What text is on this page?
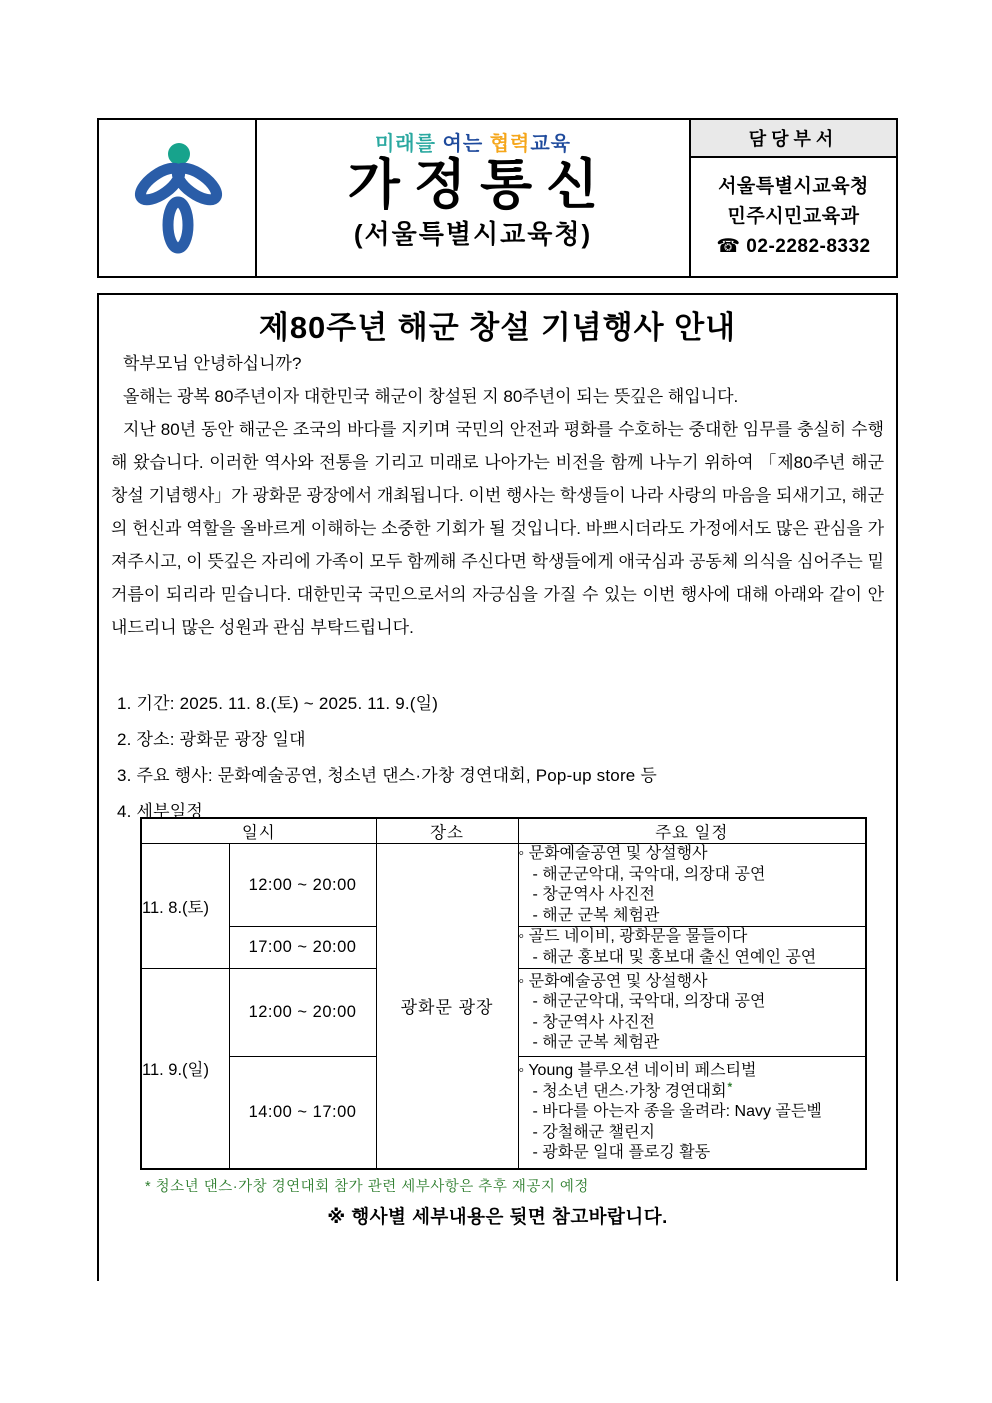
미래를 여는 협력교육
가정통신
(서울특별시교육청)
담당부서
서울특별시교육청
민주시민교육과
☎ 02-2282-8332
제80주년 해군 창설 기념행사 안내

학부모님 안녕하십니까?

올해는 광복 80주년이자 대한민국 해군이 창설된 지 80주년이 되는 뜻깊은 해입니다.

지난 80년 동안 해군은 조국의 바다를 지키며 국민의 안전과 평화를 수호하는 중대한 임무를 충실히 수행해 왔습니다. 이러한 역사와 전통을 기리고 미래로 나아가는 비전을 함께 나누기 위하여 「제80주년 해군창설 기념행사」가 광화문 광장에서 개최됩니다. 이번 행사는 학생들이 나라 사랑의 마음을 되새기고, 해군의 헌신과 역할을 올바르게 이해하는 소중한 기회가 될 것입니다. 바쁘시더라도 가정에서도 많은 관심을 가져주시고, 이 뜻깊은 자리에 가족이 모두 함께해 주신다면 학생들에게 애국심과 공동체 의식을 심어주는 밑거름이 되리라 믿습니다. 대한민국 국민으로서의 자긍심을 가질 수 있는 이번 행사에 대해 아래와 같이 안내드리니 많은 성원과 관심 부탁드립니다.

1. 기간: 2025. 11. 8.(토) ~ 2025. 11. 9.(일)
2. 장소: 광화문 광장 일대
3. 주요 행사: 문화예술공연, 청소년 댄스·가창 경연대회, Pop-up store 등
4. 세부일정
일시		장소	주요 일정
11. 8.(토)	12:00 ~ 20:00	광화문 광장	◦ 문화예술공연 및 상설행사
- 해군군악대, 국악대, 의장대 공연
- 창군역사 사진전
- 해군 군복 체험관

	17:00 ~ 20:00		◦ 골드 네이비, 광화문을 물들이다
- 해군 홍보대 및 홍보대 출신 연예인 공연

11. 9.(일)	12:00 ~ 20:00		◦ 문화예술공연 및 상설행사
- 해군군악대, 국악대, 의장대 공연
- 창군역사 사진전
- 해군 군복 체험관

	14:00 ~ 17:00		◦ Young 블루오션 네이비 페스티벌
- 청소년 댄스·가창 경연대회*
- 바다를 아는자 종을 울려라: Navy 골든벨
- 강철해군 챌린지
- 광화문 일대 플로깅 활동
* 청소년 댄스·가창 경연대회 참가 관련 세부사항은 추후 재공지 예정
※ 행사별 세부내용은 뒷면 참고바랍니다.
